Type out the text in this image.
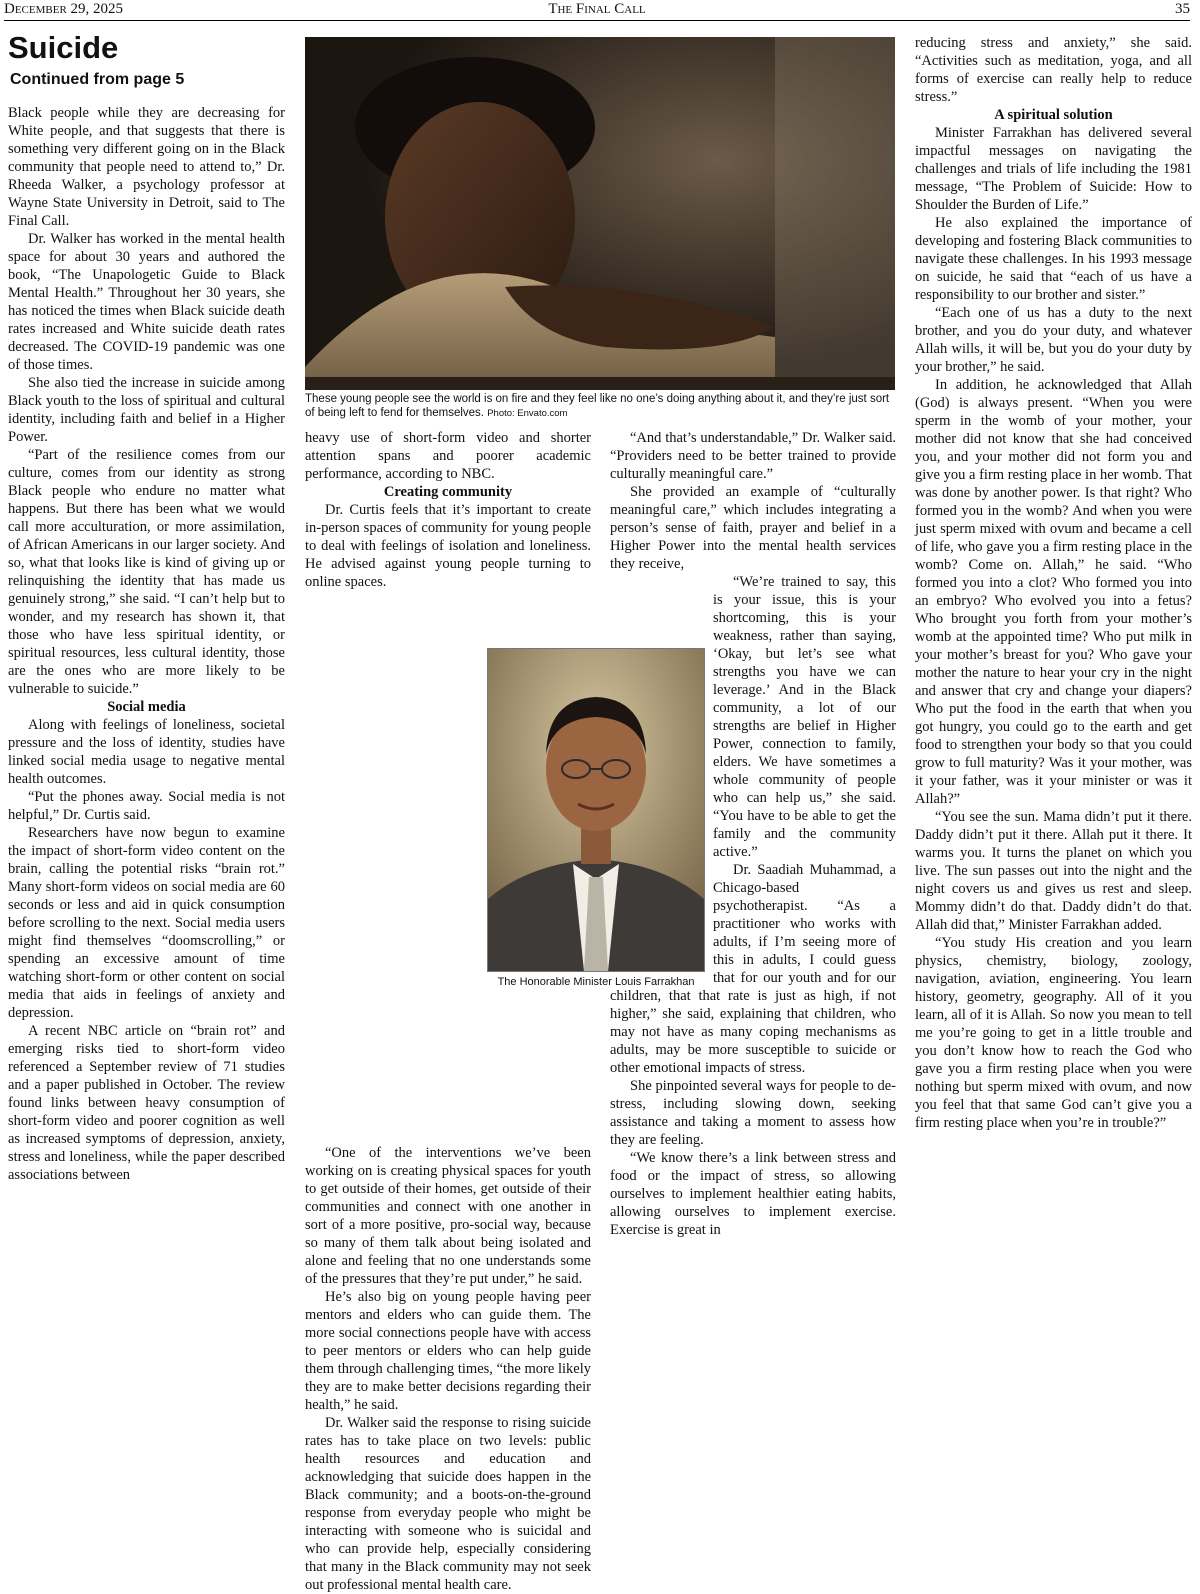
December 29, 2025	The Final Call	35
Suicide
Continued from page 5

Black people while they are decreasing for White people, and that suggests that there is something very different going on in the Black community that people need to attend to,” Dr. Rheeda Walker, a psychology professor at Wayne State University in Detroit, said to The Final Call.

Dr. Walker has worked in the mental health space for about 30 years and authored the book, “The Unapologetic Guide to Black Mental Health.” Throughout her 30 years, she has noticed the times when Black suicide death rates increased and White suicide death rates decreased. The COVID-19 pandemic was one of those times.

She also tied the increase in suicide among Black youth to the loss of spiritual and cultural identity, including faith and belief in a Higher Power.

“Part of the resilience comes from our culture, comes from our identity as strong Black people who endure no matter what happens. But there has been what we would call more acculturation, or more assimilation, of African Americans in our larger society. And so, what that looks like is kind of giving up or relinquishing the identity that has made us genuinely strong,” she said. “I can’t help but to wonder, and my research has shown it, that those who have less spiritual identity, or spiritual resources, less cultural identity, those are the ones who are more likely to be vulnerable to suicide.”

Social media

Along with feelings of loneliness, societal pressure and the loss of identity, studies have linked social media usage to negative mental health outcomes.

“Put the phones away. Social media is not helpful,” Dr. Curtis said.

Researchers have now begun to examine the impact of short-form video content on the brain, calling the potential risks “brain rot.” Many short-form videos on social media are 60 seconds or less and aid in quick consumption before scrolling to the next. Social media users might find themselves “doomscrolling,” or spending an excessive amount of time watching short-form or other content on social media that aids in feelings of anxiety and depression.

A recent NBC article on “brain rot” and emerging risks tied to short-form video referenced a September review of 71 studies and a paper published in October. The review found links between heavy consumption of short-form video and poorer cognition as well as increased symptoms of depression, anxiety, stress and loneliness, while the paper described associations between

These young people see the world is on fire and they feel like no one’s doing anything about it, and they’re just sort of being left to fend for themselves. Photo: Envato.com

heavy use of short-form video and shorter attention spans and poorer academic performance, according to NBC.

Creating community

Dr. Curtis feels that it’s important to create in-person spaces of community for young people to deal with feelings of isolation and loneliness. He advised against young people turning to online spaces.

“One of the interventions we’ve been working on is creating physical spaces for youth to get outside of their homes, get outside of their communities and connect with one another in sort of a more positive, pro-social way, because so many of them talk about being isolated and alone and feeling that no one understands some of the pressures that they’re put under,” he said.

He’s also big on young people having peer mentors and elders who can guide them. The more social connections people have with access to peer mentors or elders who can help guide them through challenging times, “the more likely they are to make better decisions regarding their health,” he said.

Dr. Walker said the response to rising suicide rates has to take place on two levels: public health resources and education and acknowledging that suicide does happen in the Black community; and a boots-on-the-ground response from everyday people who might be interacting with someone who is suicidal and who can provide help, especially considering that many in the Black community may not seek out professional mental health care.

“And that’s understandable,” Dr. Walker said. “Providers need to be better trained to provide culturally meaningful care.”

She provided an example of “culturally meaningful care,” which includes integrating a person’s sense of faith, prayer and belief in a Higher Power into the mental health services they receive,

“We’re trained to say, this is your issue, this is your shortcoming, this is your weakness, rather than saying, ‘Okay, but let’s see what strengths you have we can leverage.’ And in the Black community, a lot of our strengths are belief in Higher Power, connection to family, elders. We have sometimes a whole community of people who can help us,” she said. “You have to be able to get the family and the community active.”

Dr. Saadiah Muhammad, a Chicago-based psychotherapist. “As a practitioner who works with adults, if I’m seeing more of this in adults, I could guess that for our youth and for our children, that that rate is just as high, if not higher,” she said, explaining that children, who may not have as many coping mechanisms as adults, may be more susceptible to suicide or other emotional impacts of stress.

She pinpointed several ways for people to de-stress, including slowing down, seeking assistance and taking a moment to assess how they are feeling.

“We know there’s a link between stress and food or the impact of stress, so allowing ourselves to implement healthier eating habits, allowing ourselves to implement exercise. Exercise is great in

The Honorable Minister Louis Farrakhan

reducing stress and anxiety,” she said. “Activities such as meditation, yoga, and all forms of exercise can really help to reduce stress.”

A spiritual solution

Minister Farrakhan has delivered several impactful messages on navigating the challenges and trials of life including the 1981 message, “The Problem of Suicide: How to Shoulder the Burden of Life.”

He also explained the importance of developing and fostering Black communities to navigate these challenges. In his 1993 message on suicide, he said that “each of us have a responsibility to our brother and sister.”

“Each one of us has a duty to the next brother, and you do your duty, and whatever Allah wills, it will be, but you do your duty by your brother,” he said.

In addition, he acknowledged that Allah (God) is always present. “When you were sperm in the womb of your mother, your mother did not know that she had conceived you, and your mother did not form you and give you a firm resting place in her womb. That was done by another power. Is that right? Who formed you in the womb? And when you were just sperm mixed with ovum and became a cell of life, who gave you a firm resting place in the womb? Come on. Allah,” he said. “Who formed you into a clot? Who formed you into an embryo? Who evolved you into a fetus? Who brought you forth from your mother’s womb at the appointed time? Who put milk in your mother’s breast for you? Who gave your mother the nature to hear your cry in the night and answer that cry and change your diapers? Who put the food in the earth that when you got hungry, you could go to the earth and get food to strengthen your body so that you could grow to full maturity? Was it your mother, was it your father, was it your minister or was it Allah?”

“You see the sun. Mama didn’t put it there. Daddy didn’t put it there. Allah put it there. It warms you. It turns the planet on which you live. The sun passes out into the night and the night covers us and gives us rest and sleep. Mommy didn’t do that. Daddy didn’t do that. Allah did that,” Minister Farrakhan added.

“You study His creation and you learn physics, chemistry, biology, zoology, navigation, aviation, engineering. You learn history, geometry, geography. All of it you learn, all of it is Allah. So now you mean to tell me you’re going to get in a little trouble and you don’t know how to reach the God who gave you a firm resting place when you were nothing but sperm mixed with ovum, and now you feel that that same God can’t give you a firm resting place when you’re in trouble?”
